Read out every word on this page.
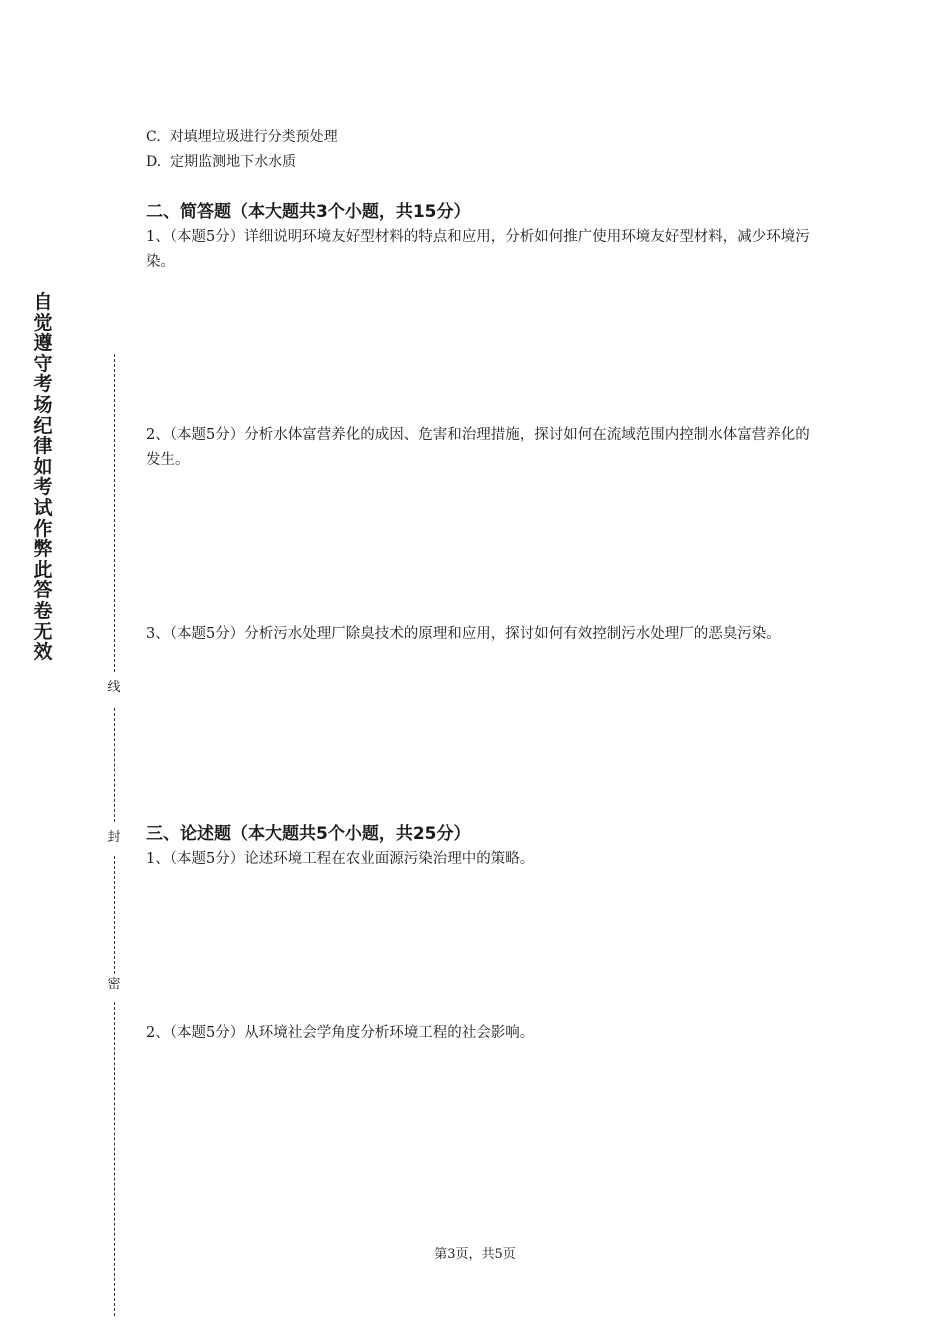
自觉遵守考场纪律如考试作弊此答卷无效
线
封
密
C. 对填埋垃圾进行分类预处理
D. 定期监测地下水水质
二、简答题（本大题共3个小题，共15分）
1、（本题5分）详细说明环境友好型材料的特点和应用，分析如何推广使用环境友好型材料，减少环境污染。
2、（本题5分）分析水体富营养化的成因、危害和治理措施，探讨如何在流域范围内控制水体富营养化的发生。
3、（本题5分）分析污水处理厂除臭技术的原理和应用，探讨如何有效控制污水处理厂的恶臭污染。
三、论述题（本大题共5个小题，共25分）
1、（本题5分）论述环境工程在农业面源污染治理中的策略。
2、（本题5分）从环境社会学角度分析环境工程的社会影响。
第3页，共5页
